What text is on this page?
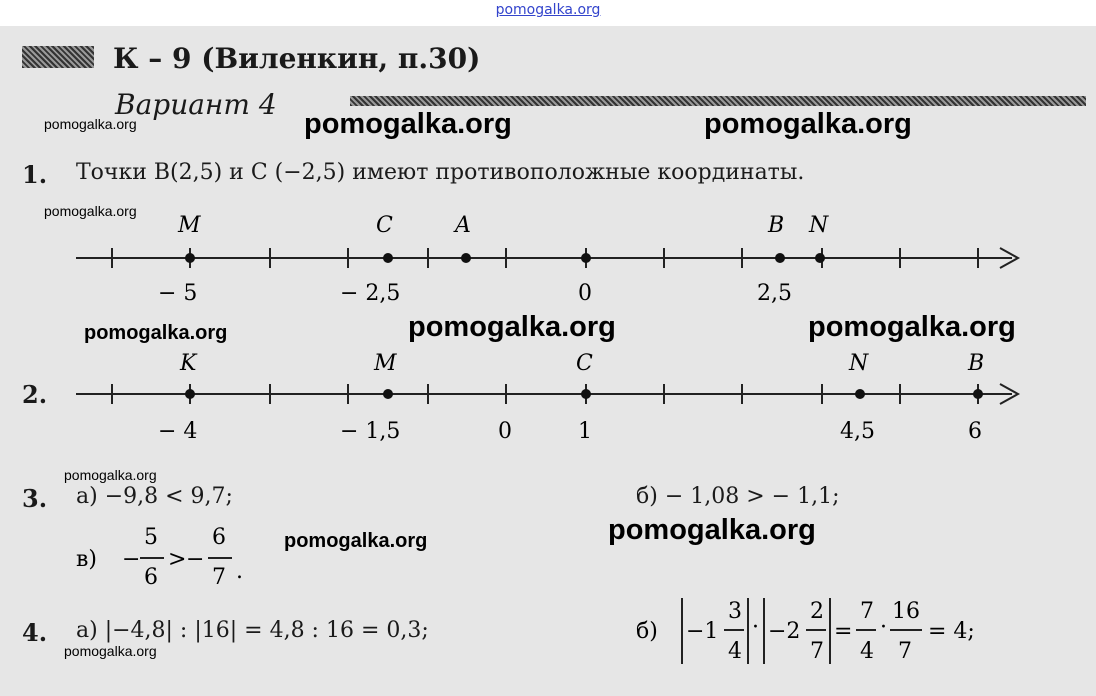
pomogalka.org
К – 9 (Виленкин, п.30)
Вариант 4
pomogalka.org	pomogalka.org
pomogalka.org
pomogalka.org
pomogalka.org	pomogalka.org	pomogalka.org
pomogalka.org
pomogalka.org	pomogalka.org
pomogalka.org
1. Точки B(2,5) и C (−2,5) имеют противоположные координаты.
M	C	A	B N
− 5	− 2,5	0	2,5
2.
K	M	C	N	B
− 4	− 1,5	0	1	4,5	6
3. а) −9,8 < 9,7;	б) − 1,08 > − 1,1;
в) −
5
6
> −
6
7 .
4. а) |−4,8| : |16| = 4,8 : 16 = 0,3;	б) −1
3
4
· −2
2
7
=
7
4
·
16
7
= 4;
